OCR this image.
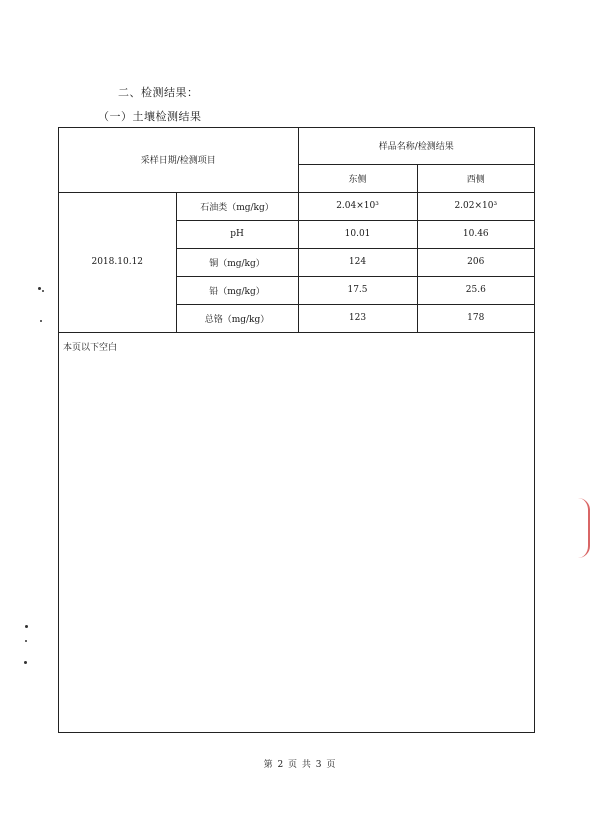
二、检测结果：
（一）土壤检测结果
采样日期/检测项目		样品名称/检测结果	
		东侧	西侧
2018.10.12	石油类（mg/kg）	2.04×10³	2.02×10³
	pH	10.01	10.46
	铜（mg/kg）	124	206
	铅（mg/kg）	17.5	25.6
	总铬（mg/kg）	123	178
本页以下空白
第 2 页 共 3 页
